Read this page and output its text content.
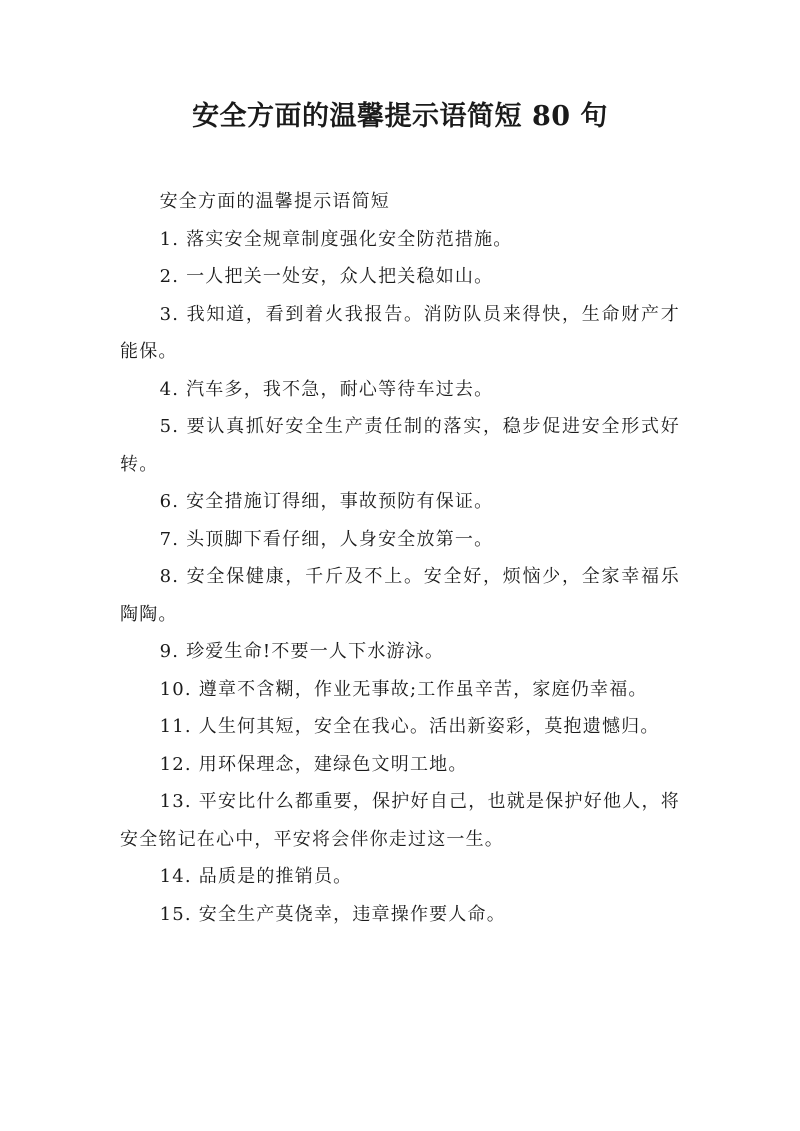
安全方面的温馨提示语简短 80 句

安全方面的温馨提示语简短

1. 落实安全规章制度强化安全防范措施。

2. 一人把关一处安，众人把关稳如山。

3. 我知道，看到着火我报告。消防队员来得快，生命财产才能保。

4. 汽车多，我不急，耐心等待车过去。

5. 要认真抓好安全生产责任制的落实，稳步促进安全形式好转。

6. 安全措施订得细，事故预防有保证。

7. 头顶脚下看仔细，人身安全放第一。

8. 安全保健康，千斤及不上。安全好，烦恼少，全家幸福乐陶陶。

9. 珍爱生命!不要一人下水游泳。

10. 遵章不含糊，作业无事故;工作虽辛苦，家庭仍幸福。

11. 人生何其短，安全在我心。活出新姿彩，莫抱遗憾归。

12. 用环保理念，建绿色文明工地。

13. 平安比什么都重要，保护好自己，也就是保护好他人，将安全铭记在心中，平安将会伴你走过这一生。

14. 品质是的推销员。

15. 安全生产莫侥幸，违章操作要人命。
